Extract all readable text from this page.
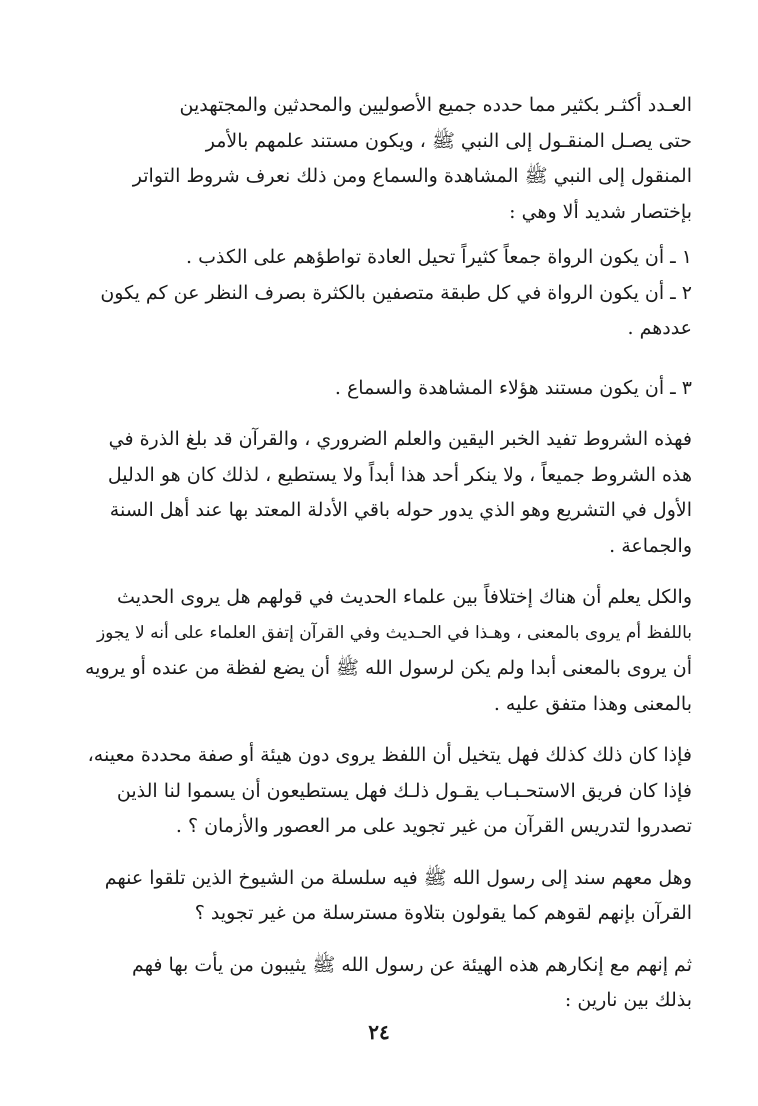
العـدد أكثـر بكثير مما حدده جميع الأصوليين والمحدثين والمجتهدين
حتى يصـل المنقـول إلى النبي ﷺ ، ويكون مستند علمهم بالأمر
المنقول إلى النبي ﷺ المشاهدة والسماع ومن ذلك نعرف شروط التواتر
بإختصار شديد ألا وهي :

١ ـ أن يكون الرواة جمعاً كثيراً تحيل العادة تواطؤهم على الكذب .

٢ ـ أن يكون الرواة في كل طبقة متصفين بالكثرة بصرف النظر عن كم يكون
عددهم .

٣ ـ أن يكون مستند هؤلاء المشاهدة والسماع .

فهذه الشروط تفيد الخبر اليقين والعلم الضروري ، والقرآن قد بلغ الذرة في
هذه الشروط جميعاً ، ولا ينكر أحد هذا أبداً ولا يستطيع ، لذلك كان هو الدليل
الأول في التشريع وهو الذي يدور حوله باقي الأدلة المعتد بها عند أهل السنة
والجماعة .

والكل يعلم أن هناك إختلافاً بين علماء الحديث في قولهم هل يروى الحديث
باللفظ أم يروى بالمعنى ، وهـذا في الحـديث وفي القرآن إتفق العلماء على أنه لا يجوز
أن يروى بالمعنى أبدا ولم يكن لرسول الله ﷺ أن يضع لفظة من عنده أو يرويه
بالمعنى وهذا متفق عليه .

فإذا كان ذلك كذلك فهل يتخيل أن اللفظ يروى دون هيئة أو صفة محددة معينه،
فإذا كان فريق الاستحـبـاب يقـول ذلـك فهل يستطيعون أن يسموا لنا الذين
تصدروا لتدريس القرآن من غير تجويد على مر العصور والأزمان ؟ .

وهل معهم سند إلى رسول الله ﷺ فيه سلسلة من الشيوخ الذين تلقوا عنهم
القرآن بإنهم لقوهم كما يقولون بتلاوة مسترسلة من غير تجويد ؟

ثم إنهم مع إنكارهم هذه الهيئة عن رسول الله ﷺ يثيبون من يأت بها فهم
بذلك بين نارين :

٢٤
